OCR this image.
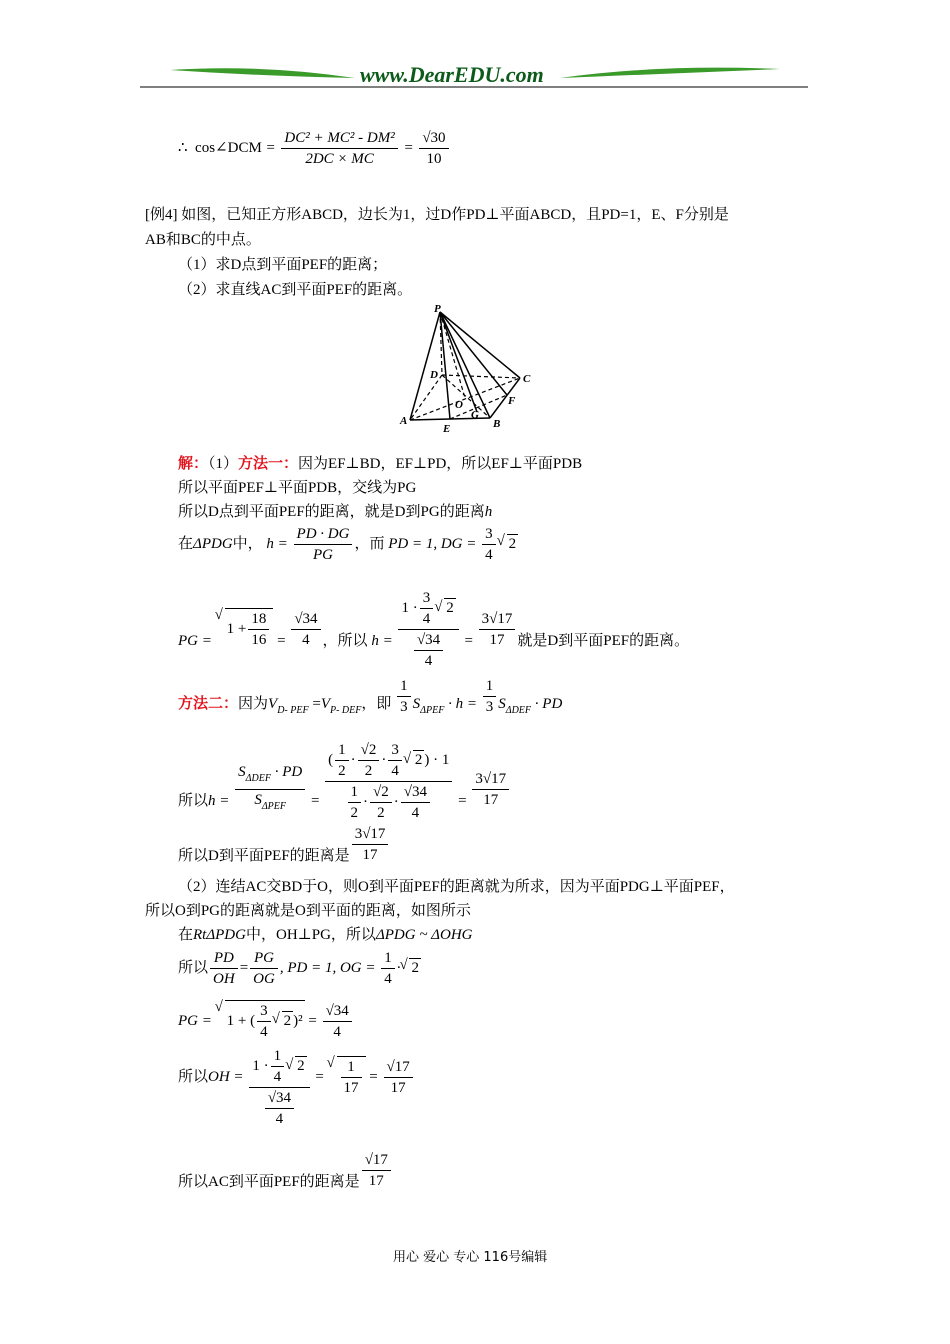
www.DearEDU.com
∴ cos∠DCM = $\frac{\text{DC² + MC² - DM²}}{2DC \times MC} = \frac{√30}{10}$
[例4] 如图，已知正方形ABCD，边长为1，过D作PD⊥平面ABCD，且PD=1，E、F分别是
AB和BC的中点。
（1）求D点到平面PEF的距离；
（2）求直线AC到平面PEF的距离。
P
D	C
F
O
G
A
E	B
解：（1）方法一：因为EF⊥BD，EF⊥PD，所以EF⊥平面PDB
所以平面PEF⊥平面PDB，交线为PG
所以D点到平面PEF的距离，就是D到PG的距离h
在ΔPDG中， $h = \frac{PD \cdot DG}{PG}$ ，而 PD = 1, DG = $\frac{3}{4}$
√ 2
PG = √ $1 + \frac{18}{16} = \frac{√34}{4}$ ，所以 $h = 1 \cdot \frac{3}{4}$
√ 2
$\frac{√34}{4} = \frac{3√17}{17}$ 就是D到平面PEF的距离。
方法二：因为$V_{D- PEF} =V_{P- DEF}$，即 $\frac{1}{3} S_{\Delta PEF} \cdot h = \frac{1}{3} S_{\Delta DEF}$ · PD
所以$h = \frac{S_{\Delta DEF} \cdot PD}{S_{\Delta PEF}}$ = ( $\frac{1}{2} \cdot \frac{√2}{2} \cdot \frac{3}{4}$
√ 2 ) · 1
$\frac{1}{2} \cdot \frac{√2}{2} \cdot \frac{√34}{4} = \frac{3√17}{17}$
所以D到平面PEF的距离是 $\frac{3√17}{17}$
（2）连结AC交BD于O，则O到平面PEF的距离就为所求，因为平面PDG⊥平面PEF，
所以O到PG的距离就是O到平面的距离，如图所示
在RtΔPDG中，OH⊥PG，所以ΔPDG ~ ΔOHG
所以 $\frac{PD}{OH} = \frac{PG}{OG}$ , PD = 1, OG = $\frac{1}{4}$ ·√ 2
PG = √ 1 + ( $\frac{3}{4}$
√ 2 )$^2 = \frac{√34}{4}$
所以OH = $1 \cdot \frac{1}{4}$
√ 2
$\frac{√34}{4}$ =
√ $\frac{1}{17} = \frac{√17}{17}$
所以AC到平面PEF的距离是 $\frac{√17}{17}$
用心 爱心 专心 116号编辑
